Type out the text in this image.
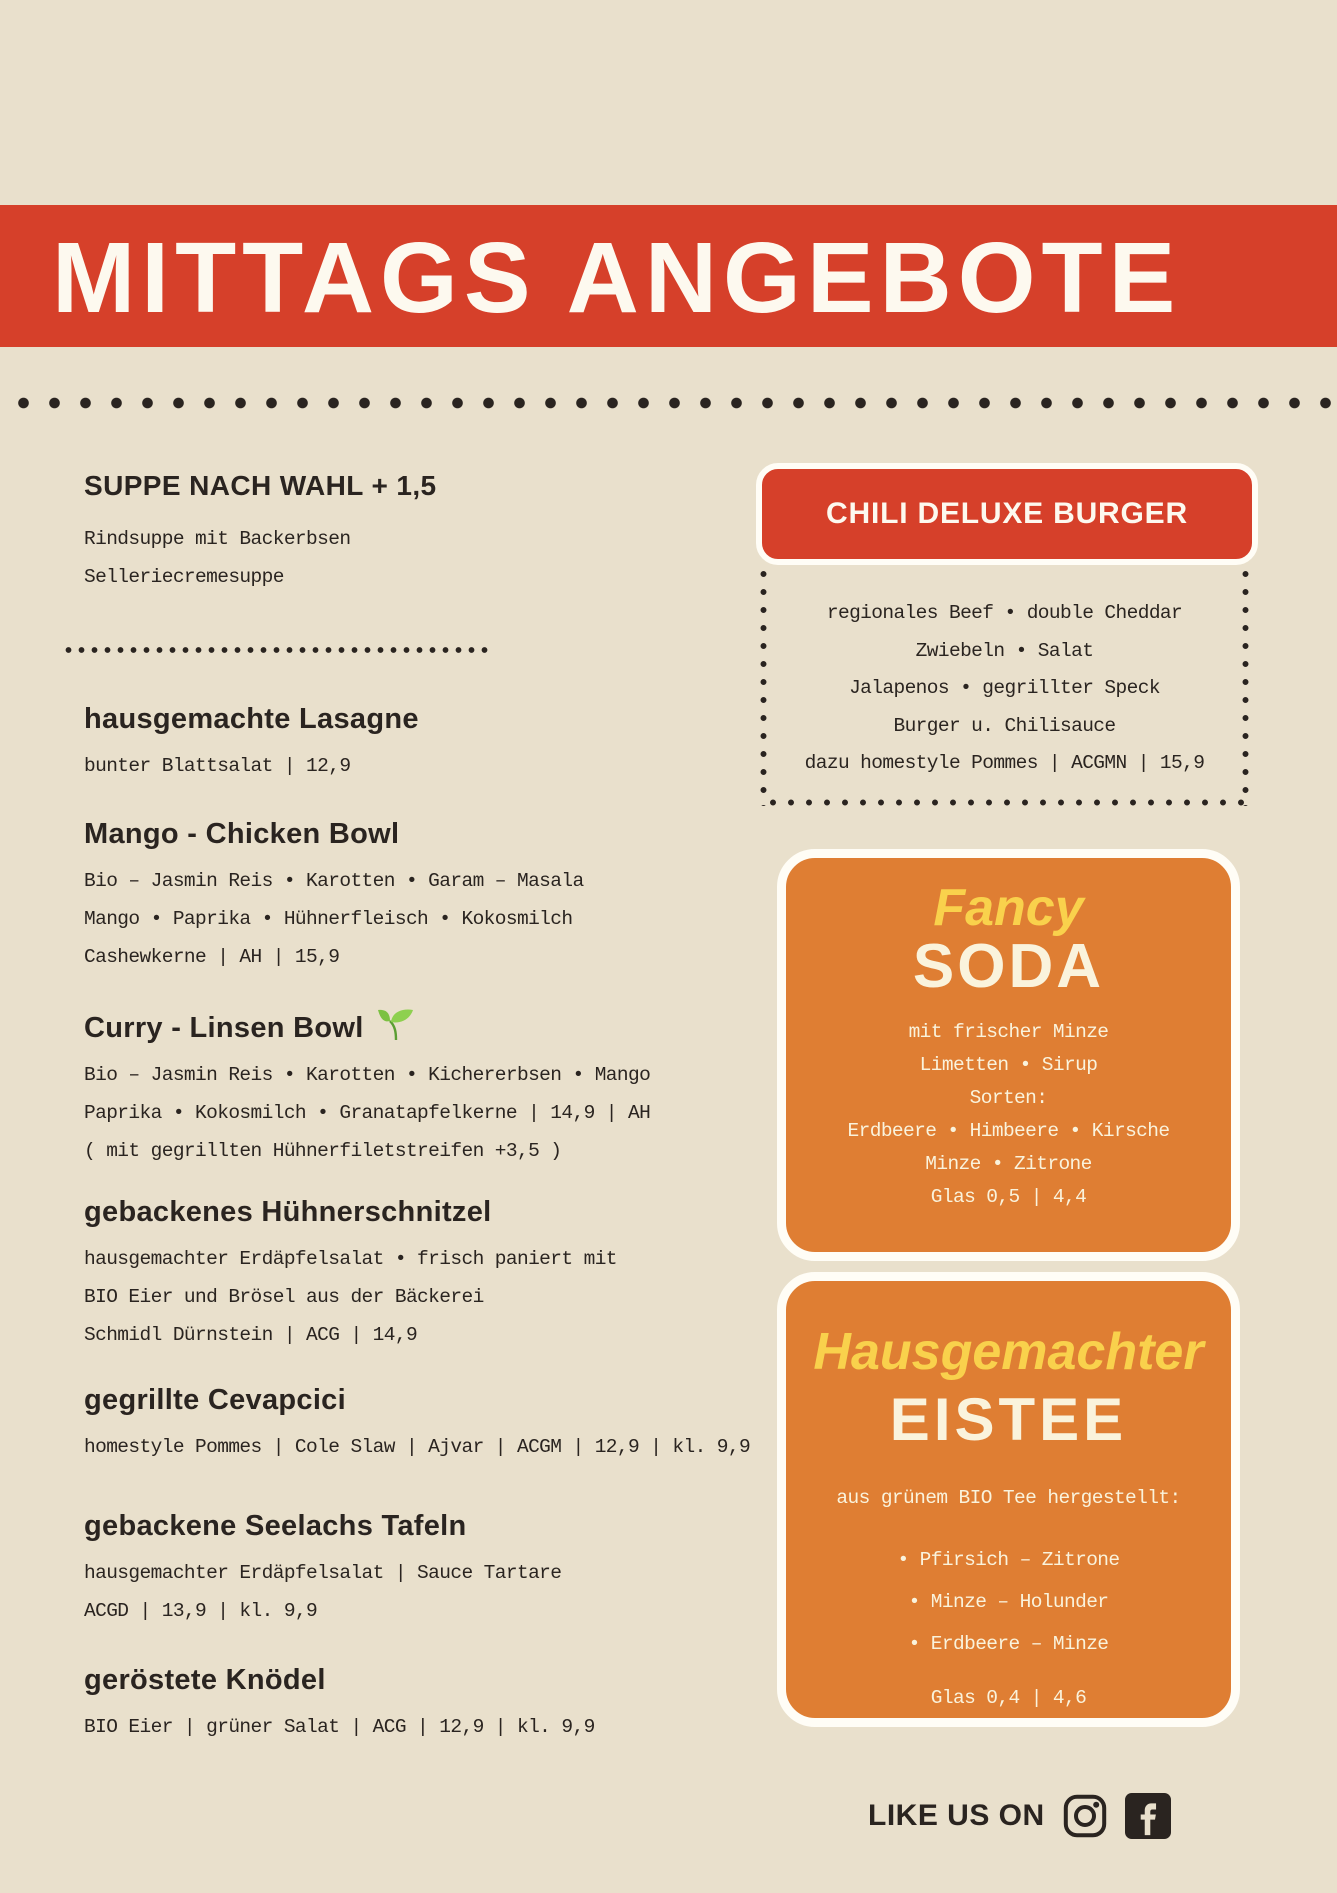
MITTAGS ANGEBOTE
SUPPE NACH WAHL + 1,5
Rindsuppe mit Backerbsen
Selleriecremesuppe
hausgemachte Lasagne
bunter Blattsalat | 12,9
Mango - Chicken Bowl
Bio – Jasmin Reis • Karotten • Garam – Masala
Mango • Paprika • Hühnerfleisch • Kokosmilch
Cashewkerne | AH | 15,9
Curry - Linsen Bowl
Bio – Jasmin Reis • Karotten • Kichererbsen • Mango
Paprika • Kokosmilch • Granatapfelkerne | 14,9 | AH
( mit gegrillten Hühnerfiletstreifen +3,5 )
gebackenes Hühnerschnitzel
hausgemachter Erdäpfelsalat • frisch paniert mit
BIO Eier und Brösel aus der Bäckerei
Schmidl Dürnstein | ACG | 14,9
gegrillte Cevapcici
homestyle Pommes | Cole Slaw | Ajvar | ACGM | 12,9 | kl. 9,9
gebackene Seelachs Tafeln
hausgemachter Erdäpfelsalat | Sauce Tartare
ACGD | 13,9 | kl. 9,9
geröstete Knödel
BIO Eier | grüner Salat | ACG | 12,9 | kl. 9,9
CHILI DELUXE BURGER
regionales Beef • double Cheddar
Zwiebeln • Salat
Jalapenos • gegrillter Speck
Burger u. Chilisauce
dazu homestyle Pommes | ACGMN | 15,9
Fancy
SODA
mit frischer Minze
Limetten • Sirup
Sorten:
Erdbeere • Himbeere • Kirsche
Minze • Zitrone
Glas 0,5 | 4,4
Hausgemachter
EISTEE
aus grünem BIO Tee hergestellt:
• Pfirsich – Zitrone
• Minze – Holunder
• Erdbeere – Minze
Glas 0,4 | 4,6
LIKE US ON
